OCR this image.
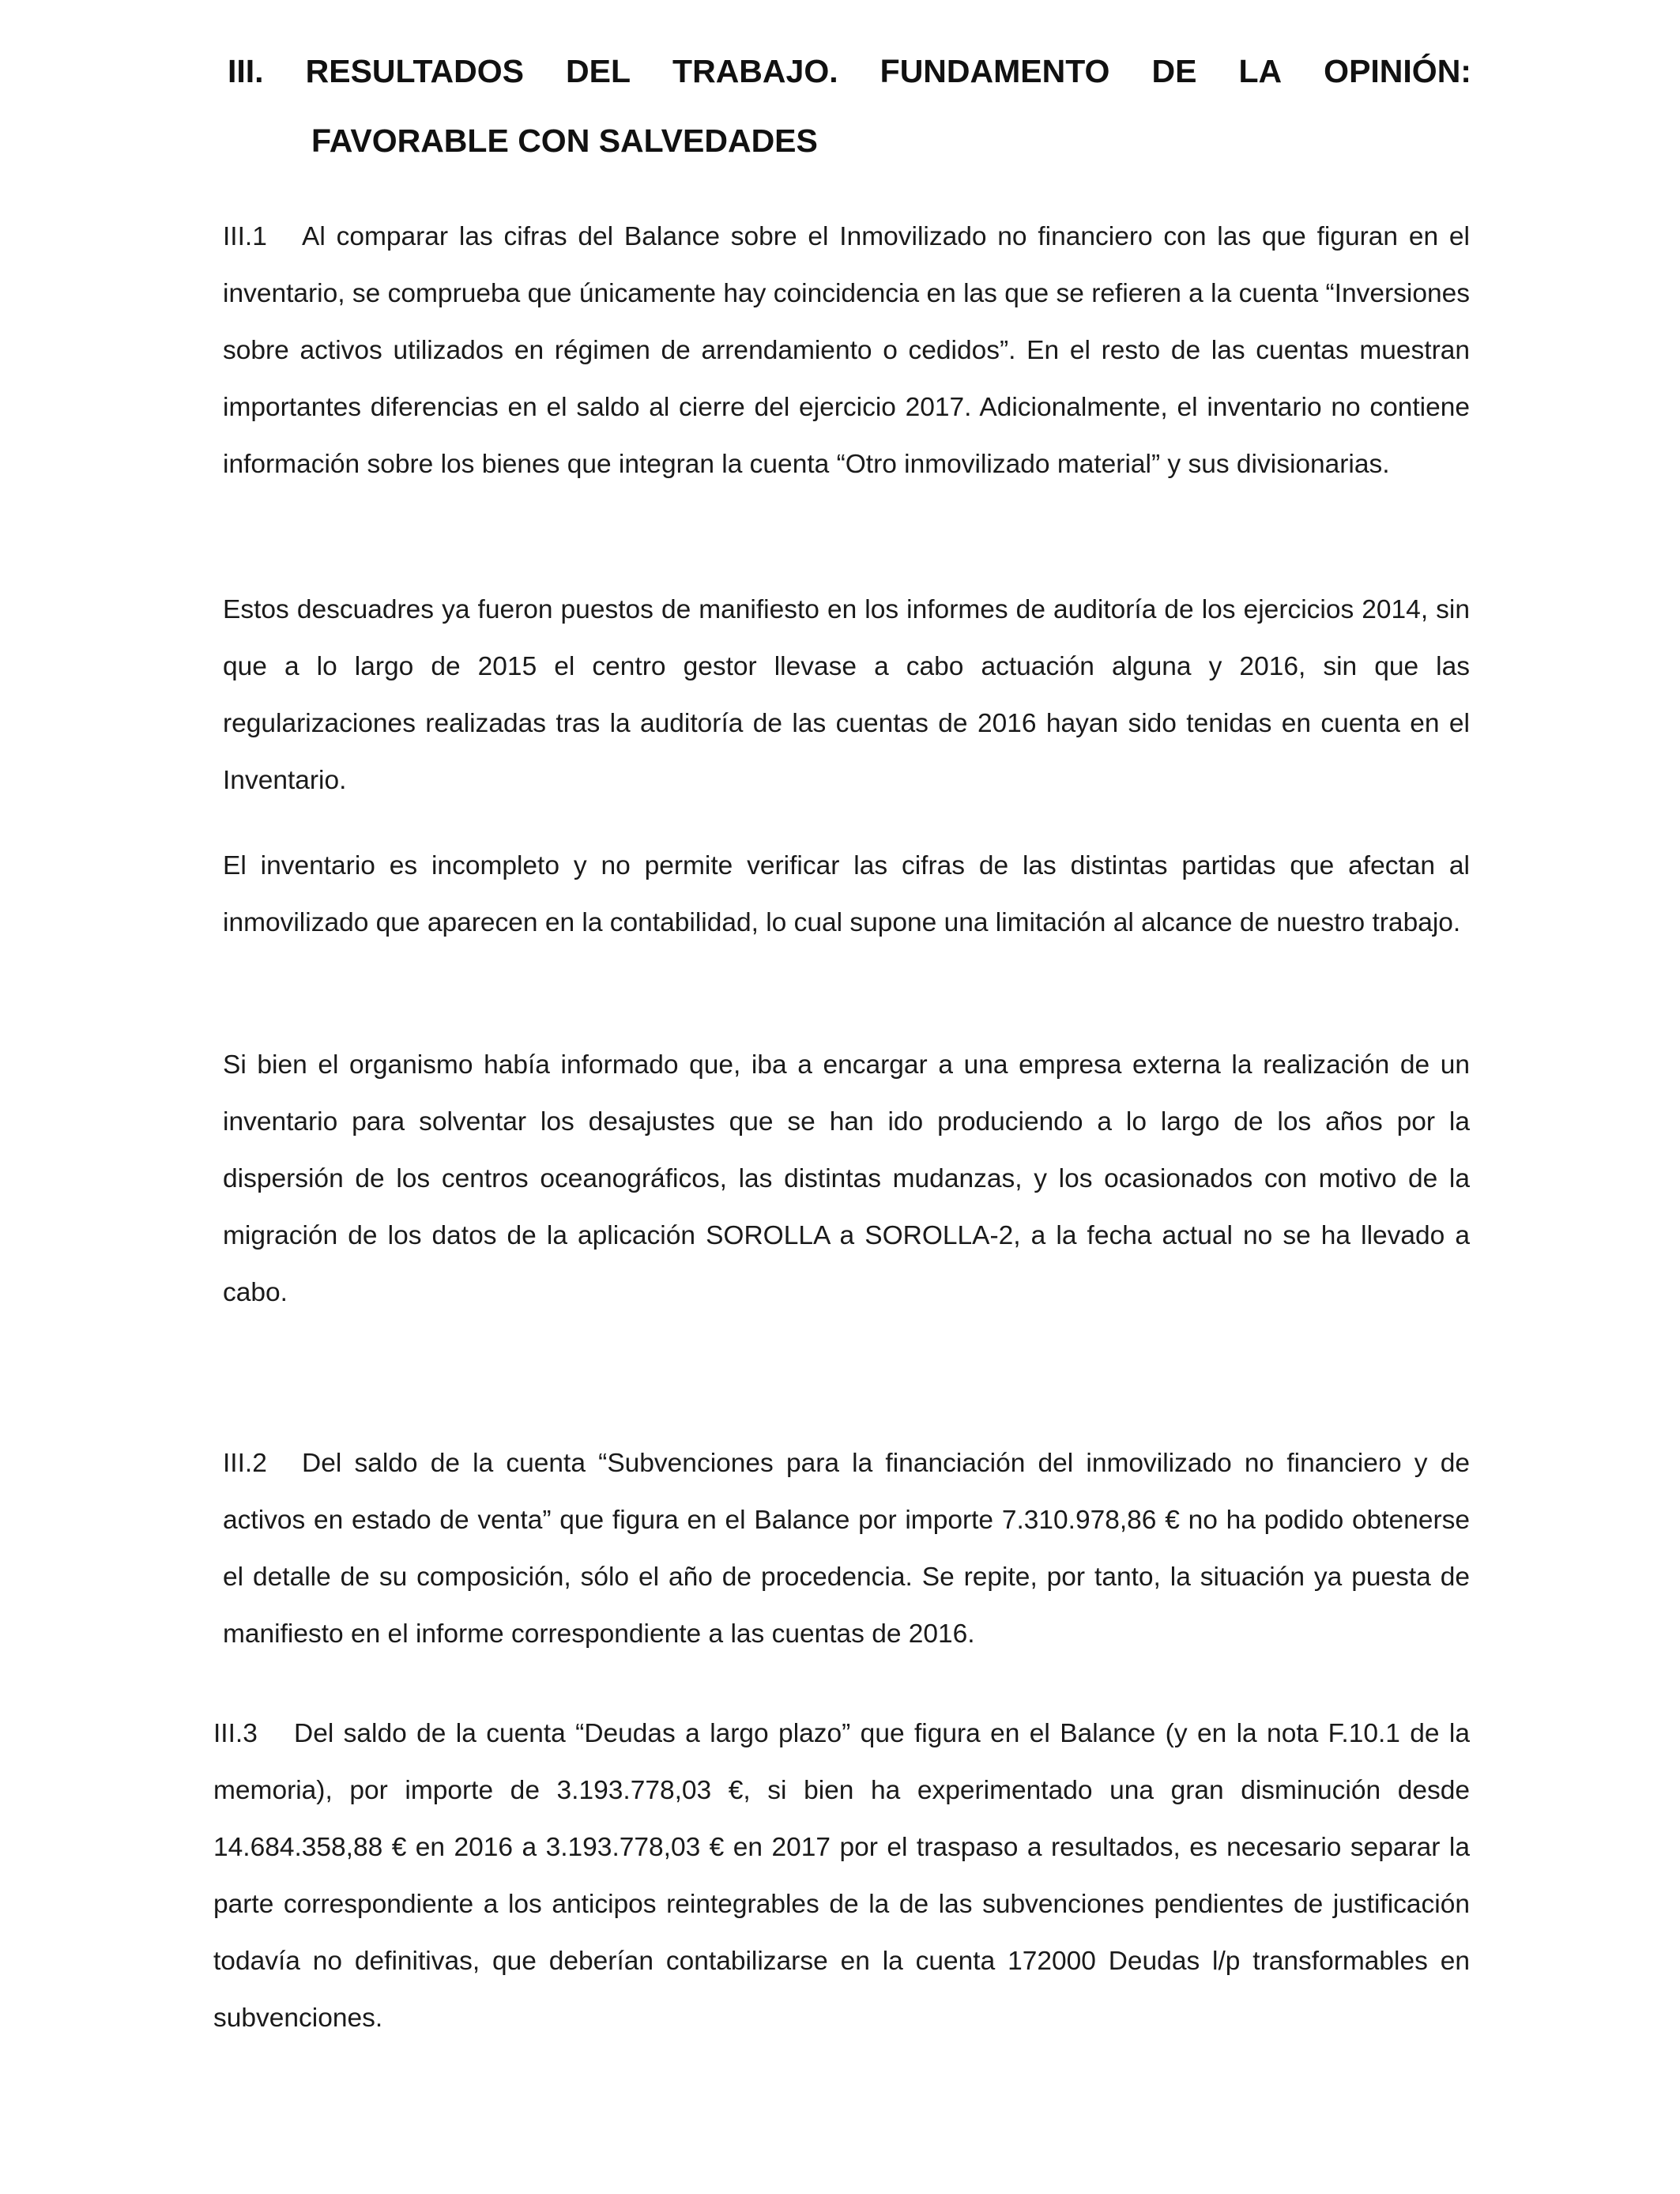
III. RESULTADOS DEL TRABAJO. FUNDAMENTO DE LA OPINIÓN:
FAVORABLE CON SALVEDADES

III.1 Al comparar las cifras del Balance sobre el Inmovilizado no financiero con las que figuran en el inventario, se comprueba que únicamente hay coincidencia en las que se refieren a la cuenta “Inversiones sobre activos utilizados en régimen de arrendamiento o cedidos”. En el resto de las cuentas muestran importantes diferencias en el saldo al cierre del ejercicio 2017. Adicionalmente, el inventario no contiene información sobre los bienes que integran la cuenta “Otro inmovilizado material” y sus divisionarias.

Estos descuadres ya fueron puestos de manifiesto en los informes de auditoría de los ejercicios 2014, sin que a lo largo de 2015 el centro gestor llevase a cabo actuación alguna y 2016, sin que las regularizaciones realizadas tras la auditoría de las cuentas de 2016 hayan sido tenidas en cuenta en el Inventario.

El inventario es incompleto y no permite verificar las cifras de las distintas partidas que afectan al inmovilizado que aparecen en la contabilidad, lo cual supone una limitación al alcance de nuestro trabajo.

Si bien el organismo había informado que, iba a encargar a una empresa externa la realización de un inventario para solventar los desajustes que se han ido produciendo a lo largo de los años por la dispersión de los centros oceanográficos, las distintas mudanzas, y los ocasionados con motivo de la migración de los datos de la aplicación SOROLLA a SOROLLA-2, a la fecha actual no se ha llevado a cabo.

III.2 Del saldo de la cuenta “Subvenciones para la financiación del inmovilizado no financiero y de activos en estado de venta” que figura en el Balance por importe 7.310.978,86 € no ha podido obtenerse el detalle de su composición, sólo el año de procedencia. Se repite, por tanto, la situación ya puesta de manifiesto en el informe correspondiente a las cuentas de 2016.

III.3 Del saldo de la cuenta “Deudas a largo plazo” que figura en el Balance (y en la nota F.10.1 de la memoria), por importe de 3.193.778,03 €, si bien ha experimentado una gran disminución desde 14.684.358,88 € en 2016 a 3.193.778,03 € en 2017 por el traspaso a resultados, es necesario separar la parte correspondiente a los anticipos reintegrables de la de las subvenciones pendientes de justificación todavía no definitivas, que deberían contabilizarse en la cuenta 172000 Deudas l/p transformables en subvenciones.
